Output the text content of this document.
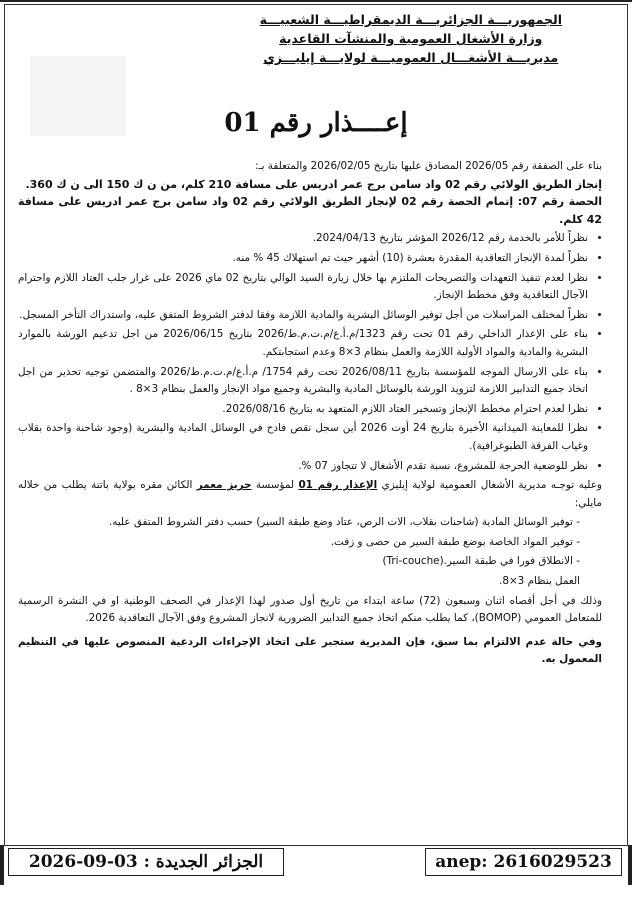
الجمهوريـــة الجزائريـــة الديمقراطيـــة الشعبيـــة
وزارة الأشغال العمومية والمنشآت القاعدية
مديريـــة الأشغـــال العموميـــة لولايـــة إيليـــزي
إعــــذار رقم 01

بناء على الصفقة رقم 2026/05 المصادق عليها بتاريخ 2026/02/05 والمتعلقة بـ:

إنجاز الطريق الولائي رقم 02 واد سامن برج عمر ادريس على مسافة 210 كلم، من ن ك 150 الى ن ك 360.

الحصة رقم 07: إتمام الحصة رقم 02 لإنجاز الطريق الولائي رقم 02 واد سامن برج عمر ادريس على مسافة 42 كلم.

• نظراً للأمر بالخدمة رقم 2026/12 المؤشر بتاريخ 2024/04/13.
• نظراً لمدة الإنجاز التعاقدية المقدرة بعشرة (10) أشهر حيث تم استهلاك 45 % منه.
• نظرا لعدم تنفيذ التعهدات والتصريحات الملتزم بها خلال زيارة السيد الوالي بتاريخ 02 ماي 2026 على غرار جلب العتاد اللازم واحترام الآجال التعاقدية وفق مخطط الإنجاز.
• نظراً لمختلف المراسلات من أجل توفير الوسائل البشرية والمادية اللازمة وفقا لدفتر الشروط المتفق عليه، واستدراك التأخر المسجل.
• بناء على الإعذار الداخلي رقم 01 تحت رقم 1323/م.أ.ع/م.ت.م.ط/2026 بتاريخ 2026/06/15 من اجل تدعيم الورشة بالموارد البشرية والمادية والمواد الأولية اللازمة والعمل بنظام 3×8 وعدم استجابتكم.
• بناء على الارسال الموجه للمؤسسة بتاريخ 2026/08/11 تحت رقم 1754/ م.أ.ع/م.ت.م.ط/2026 والمتضمن توجيه تحذير من اجل اتخاذ جميع التدابير اللازمة لتزويد الورشة بالوسائل المادية والبشرية وجميع مواد الإنجاز والعمل بنظام 3×8 .
• نظرا لعدم احترام مخطط الإنجاز وتسخير العتاد اللازم المتعهد به بتاريخ 2026/08/16.
• نظرا للمعاينة الميدانية الأخيرة بتاريخ 24 أوت 2026 أين سجل نقص فادح في الوسائل المادية والبشرية (وجود شاحنة واحدة بقلاب وغياب الفرقة الطبوغرافية).
• نظر للوضعية الحرجة للمشروع، نسبة تقدم الأشغال لا تتجاوز 07 %.

وعليه توجـه مديرية الأشغال العمومية لولاية إيليزي الإعذار رقم 01 لمؤسسة حريز معمر الكائن مقره بولاية باتنة يطلب من خلاله مايلي:

- توفير الوسائل المادية (شاحنات بقلاب، الات الرص، عتاد وضع طبقة السير) حسب دفتر الشروط المتفق عليه.
- توفير المواد الخاصة بوضع طبقة السير من حصى و زفت.
- الانطلاق فورا في طبقة السير.(Tri-couche)
العمل بنظام 3×8.

وذلك في أجل أقصاه اثنان وسبعون (72) ساعة ابتداء من تاريخ أول صدور لهذا الإعذار في الصحف الوطنية او في النشرة الرسمية للمتعامل العمومي (BOMOP)، كما يطلب منكم اتخاذ جميع التدابير الضرورية لانجاز المشروع وفق الآجال التعاقدية 2026.

وفي حالة عدم الالتزام بما سبق، فإن المديرية ستجبر على اتخاذ الإجراءات الردعية المنصوص عليها في التنظيم المعمول به.

الجزائر الجديدة : 03-09-2026	anep: 2616029523
